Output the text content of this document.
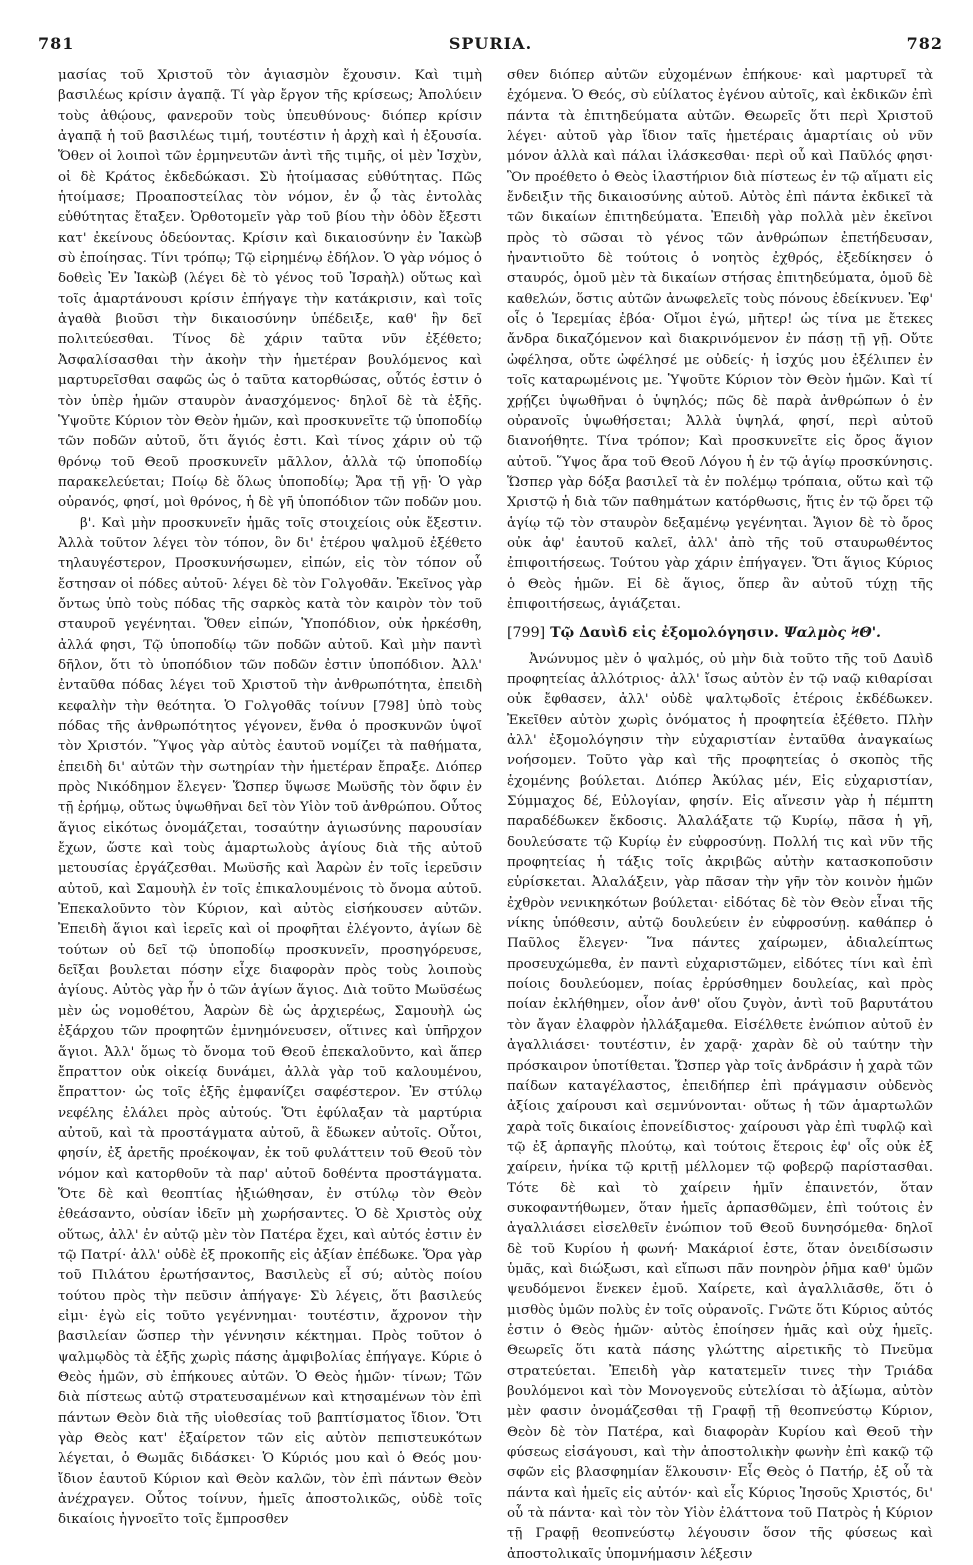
781	SPURIA.	782

μασίας τοῦ Χριστοῦ τὸν ἁγιασμὸν ἔχουσιν. Καὶ τιμὴ βασιλέως κρίσιν ἀγαπᾷ. Τί γὰρ ἔργον τῆς κρίσεως; Ἀπολύειν τοὺς ἀθῴους, φανεροῦν τοὺς ὑπευθύνους· διόπερ κρίσιν ἀγαπᾷ ἡ τοῦ βασιλέως τιμή, τουτέστιν ἡ ἀρχὴ καὶ ἡ ἐξουσία. Ὅθεν οἱ λοιποὶ τῶν ἑρμηνευτῶν ἀντὶ τῆς τιμῆς, οἱ μὲν Ἰσχὺν, οἱ δὲ Κράτος ἐκδεδώκασι. Σὺ ἡτοίμασας εὐθύτητας. Πῶς ἡτοίμασε; Προαποστείλας τὸν νόμον, ἐν ᾧ τὰς ἐντολὰς εὐθύτητας ἔταξεν. Ὀρθοτομεῖν γὰρ τοῦ βίου τὴν ὁδὸν ἔξεστι κατ' ἐκείνους ὁδεύοντας. Κρίσιν καὶ δικαιοσύνην ἐν Ἰακὼβ σὺ ἐποίησας. Τίνι τρόπῳ; Τῷ εἰρημένῳ ἐδήλον. Ὁ γὰρ νόμος ὁ δοθεὶς Ἐν Ἰακὼβ (λέγει δὲ τὸ γένος τοῦ Ἰσραὴλ) οὕτως καὶ τοῖς ἁμαρτάνουσι κρίσιν ἐπήγαγε τὴν κατάκρισιν, καὶ τοῖς ἀγαθὰ βιοῦσι τὴν δικαιοσύνην ὑπέδειξε, καθ' ἣν δεῖ πολιτεύεσθαι. Τίνος δὲ χάριν ταῦτα νῦν ἐξέθετο; Ἀσφαλίσασθαι τὴν ἀκοὴν τὴν ἡμετέραν βουλόμενος καὶ μαρτυρεῖσθαι σαφῶς ὡς ὁ ταῦτα κατορθώσας, οὗτός ἐστιν ὁ τὸν ὑπὲρ ἡμῶν σταυρὸν ἀνασχόμενος· δηλοῖ δὲ τὰ ἑξῆς. Ὑψοῦτε Κύριον τὸν Θεὸν ἡμῶν, καὶ προσκυνεῖτε τῷ ὑποποδίῳ τῶν ποδῶν αὐτοῦ, ὅτι ἅγιός ἐστι. Καὶ τίνος χάριν οὐ τῷ θρόνῳ τοῦ Θεοῦ προσκυνεῖν μᾶλλον, ἀλλὰ τῷ ὑποποδίῳ παρακελεύεται; Ποίῳ δὲ ὅλως ὑποποδίῳ; Ἄρα τῇ γῇ· Ὁ γὰρ οὐρανός, φησί, μοὶ θρόνος, ἡ δὲ γῆ ὑποπόδιον τῶν ποδῶν μου.

β'. Καὶ μὴν προσκυνεῖν ἡμᾶς τοῖς στοιχείοις οὐκ ἔξεστιν. Ἀλλὰ τοῦτον λέγει τὸν τόπον, ὃν δι' ἑτέρου ψαλμοῦ ἐξέθετο τηλαυγέστερον, Προσκυνήσωμεν, εἰπών, εἰς τὸν τόπον οὗ ἔστησαν οἱ πόδες αὐτοῦ· λέγει δὲ τὸν Γολγοθᾶν. Ἐκεῖνος γὰρ ὄντως ὑπὸ τοὺς πόδας τῆς σαρκὸς κατὰ τὸν καιρὸν τὸν τοῦ σταυροῦ γεγένηται. Ὅθεν εἰπών, Ὑποπόδιον, οὐκ ἠρκέσθη, ἀλλά φησι, Τῷ ὑποποδίῳ τῶν ποδῶν αὐτοῦ. Καὶ μὴν παντὶ δῆλον, ὅτι τὸ ὑποπόδιον τῶν ποδῶν ἐστιν ὑποπόδιον. Ἀλλ' ἐνταῦθα πόδας λέγει τοῦ Χριστοῦ τὴν ἀνθρωπότητα, ἐπειδὴ κεφαλὴν τὴν θεότητα. Ὁ Γολγοθᾶς τοίνυν [798] ὑπὸ τοὺς πόδας τῆς ἀνθρωπότητος γέγονεν, ἔνθα ὁ προσκυνῶν ὑψοῖ τὸν Χριστόν. Ὕψος γὰρ αὐτὸς ἑαυτοῦ νομίζει τὰ παθήματα, ἐπειδὴ δι' αὐτῶν τὴν σωτηρίαν τὴν ἡμετέραν ἔπραξε. Διόπερ πρὸς Νικόδημον ἔλεγεν· Ὥσπερ ὕψωσε Μωϋσῆς τὸν ὄφιν ἐν τῇ ἐρήμῳ, οὕτως ὑψωθῆναι δεῖ τὸν Υἱὸν τοῦ ἀνθρώπου. Οὗτος ἅγιος εἰκότως ὀνομάζεται, τοσαύτην ἁγιωσύνης παρουσίαν ἔχων, ὥστε καὶ τοὺς ἁμαρτωλοὺς ἁγίους διὰ τῆς αὐτοῦ μετουσίας ἐργάζεσθαι. Μωϋσῆς καὶ Ἀαρὼν ἐν τοῖς ἱερεῦσιν αὐτοῦ, καὶ Σαμουὴλ ἐν τοῖς ἐπικαλουμένοις τὸ ὄνομα αὐτοῦ. Ἐπεκαλοῦντο τὸν Κύριον, καὶ αὐτὸς εἰσήκουσεν αὐτῶν. Ἐπειδὴ ἅγιοι καὶ ἱερεῖς καὶ οἱ προφῆται ἐλέγοντο, ἁγίων δὲ τούτων οὐ δεῖ τῷ ὑποποδίῳ προσκυνεῖν, προσηγόρευσε, δεῖξαι βουλεται πόσην εἶχε διαφορὰν πρὸς τοὺς λοιποὺς ἁγίους. Αὐτὸς γὰρ ἦν ὁ τῶν ἁγίων ἅγιος. Διὰ τοῦτο Μωϋσέως μὲν ὡς νομοθέτου, Ἀαρὼν δὲ ὡς ἀρχιερέως, Σαμουὴλ ὡς ἐξάρχου τῶν προφητῶν ἐμνημόνευσεν, οἵτινες καὶ ὑπῆρχον ἅγιοι. Ἀλλ' ὅμως τὸ ὄνομα τοῦ Θεοῦ ἐπεκαλοῦντο, καὶ ἅπερ ἔπραττον οὐκ οἰκείᾳ δυνάμει, ἀλλὰ γὰρ τοῦ καλουμένου, ἔπραττον· ὡς τοῖς ἑξῆς ἐμφανίζει σαφέστερον. Ἐν στύλῳ νεφέλης ἐλάλει πρὸς αὐτούς. Ὅτι ἐφύλαξαν τὰ μαρτύρια αὐτοῦ, καὶ τὰ προστάγματα αὐτοῦ, ἃ ἔδωκεν αὐτοῖς. Οὗτοι, φησίν, ἐξ ἀρετῆς προέκοψαν, ἐκ τοῦ φυλάττειν τοῦ Θεοῦ τὸν νόμον καὶ κατορθοῦν τὰ παρ' αὐτοῦ δοθέντα προστάγματα. Ὅτε δὲ καὶ θεοπτίας ἠξιώθησαν, ἐν στύλῳ τὸν Θεὸν ἐθεάσαντο, οὐσίαν ἰδεῖν μὴ χωρήσαντες. Ὁ δὲ Χριστὸς οὐχ οὕτως, ἀλλ' ἐν αὐτῷ μὲν τὸν Πατέρα ἔχει, καὶ αὐτός ἐστιν ἐν τῷ Πατρί· ἀλλ' οὐδὲ ἐξ προκοπῆς εἰς ἀξίαν ἐπέδωκε. Ὅρα γὰρ τοῦ Πιλάτου ἐρωτήσαντος, Βασιλεὺς εἶ σύ; αὐτὸς ποίου τούτου πρὸς τὴν πεῦσιν ἀπήγαγε· Σὺ λέγεις, ὅτι βασιλεύς εἰμι· ἐγὼ εἰς τοῦτο γεγέννημαι· τουτέστιν, ἄχρονον τὴν βασιλείαν ὥσπερ τὴν γέννησιν κέκτημαι. Πρὸς τοῦτον ὁ ψαλμῳδὸς τὰ ἑξῆς χωρὶς πάσης ἀμφιβολίας ἐπήγαγε. Κύριε ὁ Θεὸς ἡμῶν, σὺ ἐπήκουες αὐτῶν. Ὁ Θεὸς ἡμῶν· τίνων; Τῶν διὰ πίστεως αὐτῷ στρατευσαμένων καὶ κτησαμένων τὸν ἐπὶ πάντων Θεὸν διὰ τῆς υἱοθεσίας τοῦ βαπτίσματος ἴδιον. Ὅτι γὰρ Θεὸς κατ' ἐξαίρετον τῶν εἰς αὐτὸν πεπιστευκότων λέγεται, ὁ Θωμᾶς διδάσκει· Ὁ Κύριός μου καὶ ὁ Θεός μου· ἴδιον ἑαυτοῦ Κύριον καὶ Θεὸν καλῶν, τὸν ἐπὶ πάντων Θεὸν ἀνέχραγεν. Οὗτος τοίνυν, ἡμεῖς ἀποστολικῶς, οὐδὲ τοῖς δικαίοις ἠγνοεῖτο τοῖς ἔμπροσθεν

σθεν διόπερ αὐτῶν εὐχομένων ἐπήκουε· καὶ μαρτυρεῖ τὰ ἑχόμενα. Ὁ Θεός, σὺ εὐίλατος ἐγένου αὐτοῖς, καὶ ἐκδικῶν ἐπὶ πάντα τὰ ἐπιτηδεύματα αὐτῶν. Θεωρεῖς ὅτι περὶ Χριστοῦ λέγει· αὐτοῦ γὰρ ἴδιον ταῖς ἡμετέραις ἁμαρτίαις οὐ νῦν μόνον ἀλλὰ καὶ πάλαι ἱλάσκεσθαι· περὶ οὗ καὶ Παῦλός φησι· Ὃν προέθετο ὁ Θεὸς ἱλαστήριον διὰ πίστεως ἐν τῷ αἵματι εἰς ἔνδειξιν τῆς δικαιοσύνης αὐτοῦ. Αὐτὸς ἐπὶ πάντα ἐκδικεῖ τὰ τῶν δικαίων ἐπιτηδεύματα. Ἐπειδὴ γὰρ πολλὰ μὲν ἐκεῖνοι πρὸς τὸ σῶσαι τὸ γένος τῶν ἀνθρώπων ἐπετήδευσαν, ἠναντιοῦτο δὲ τούτοις ὁ νοητὸς ἐχθρός, ἐξεδίκησεν ὁ σταυρός, ὁμοῦ μὲν τὰ δικαίων στήσας ἐπιτηδεύματα, ὁμοῦ δὲ καθελών, ὅστις αὐτῶν ἀνωφελεῖς τοὺς πόνους ἐδείκνυεν. Ἐφ' οἷς ὁ Ἱερεμίας ἐβόα· Οἴμοι ἐγώ, μῆτερ! ὡς τίνα με ἔτεκες ἄνδρα δικαζόμενον καὶ διακρινόμενον ἐν πάσῃ τῇ γῇ. Οὔτε ὠφέλησα, οὔτε ὠφέλησέ με οὐδείς· ἡ ἰσχύς μου ἐξέλιπεν ἐν τοῖς καταρωμένοις με. Ὑψοῦτε Κύριον τὸν Θεὸν ἡμῶν. Καὶ τί χρῄζει ὑψωθῆναι ὁ ὑψηλός; πῶς δὲ παρὰ ἀνθρώπων ὁ ἐν οὐρανοῖς ὑψωθήσεται; Ἀλλὰ ὑψηλά, φησί, περὶ αὐτοῦ διανοήθητε. Τίνα τρόπον; Καὶ προσκυνεῖτε εἰς ὄρος ἅγιον αὐτοῦ. Ὕψος ἄρα τοῦ Θεοῦ Λόγου ἡ ἐν τῷ ἁγίῳ προσκύνησις. Ὥσπερ γὰρ δόξα βασιλεῖ τὰ ἐν πολέμῳ τρόπαια, οὕτω καὶ τῷ Χριστῷ ἡ διὰ τῶν παθημάτων κατόρθωσις, ἥτις ἐν τῷ ὄρει τῷ ἁγίῳ τῷ τὸν σταυρὸν δεξαμένῳ γεγένηται. Ἅγιον δὲ τὸ ὄρος οὐκ ἀφ' ἑαυτοῦ καλεῖ, ἀλλ' ἀπὸ τῆς τοῦ σταυρωθέντος ἐπιφοιτήσεως. Τούτου γὰρ χάριν ἐπήγαγεν. Ὅτι ἅγιος Κύριος ὁ Θεὸς ἡμῶν. Εἰ δὲ ἅγιος, ὅπερ ἂν αὐτοῦ τύχῃ τῆς ἐπιφοιτήσεως, ἁγιάζεται.

[799] Τῷ Δαυὶδ εἰς ἐξομολόγησιν. Ψαλμὸς ϞΘ'.

Ἀνώνυμος μὲν ὁ ψαλμός, οὐ μὴν διὰ τοῦτο τῆς τοῦ Δαυὶδ προφητείας ἀλλότριος· ἀλλ' ἴσως αὐτὸν ἐν τῷ ναῷ κιθαρίσαι οὐκ ἔφθασεν, ἀλλ' οὐδὲ ψαλτῳδοῖς ἑτέροις ἐκδέδωκεν. Ἐκεῖθεν αὐτὸν χωρὶς ὀνόματος ἡ προφητεία ἐξέθετο. Πλὴν ἀλλ' ἐξομολόγησιν τὴν εὐχαριστίαν ἐνταῦθα ἀναγκαίως νοήσομεν. Τοῦτο γὰρ καὶ τῆς προφητείας ὁ σκοπὸς τῆς ἑχομένης βούλεται. Διόπερ Ἀκύλας μέν, Εἰς εὐχαριστίαν, Σύμμαχος δέ, Εὐλογίαν, φησίν. Εἰς αἴνεσιν γὰρ ἡ πέμπτη παραδέδωκεν ἔκδοσις. Ἀλαλάξατε τῷ Κυρίῳ, πᾶσα ἡ γῆ, δουλεύσατε τῷ Κυρίῳ ἐν εὐφροσύνῃ. Πολλή τις καὶ νῦν τῆς προφητείας ἡ τάξις τοῖς ἀκριβῶς αὐτὴν κατασκοποῦσιν εὑρίσκεται. Ἀλαλάξειν, γὰρ πᾶσαν τὴν γῆν τὸν κοινὸν ἡμῶν ἐχθρὸν νενικηκότων βούλεται· εἰδότας δὲ τὸν Θεὸν εἶναι τῆς νίκης ὑπόθεσιν, αὐτῷ δουλεύειν ἐν εὐφροσύνῃ. καθάπερ ὁ Παῦλος ἔλεγεν· Ἵνα πάντες χαίρωμεν, ἀδιαλείπτως προσευχώμεθα, ἐν παντὶ εὐχαριστῶμεν, εἰδότες τίνι καὶ ἐπὶ ποίοις δουλεύομεν, ποίας ἐρρύσθημεν δουλείας, καὶ πρὸς ποίαν ἐκλήθημεν, οἷον ἀνθ' οἵου ζυγὸν, ἀντὶ τοῦ βαρυτάτου τὸν ἄγαν ἐλαφρὸν ἠλλάξαμεθα. Εἰσέλθετε ἐνώπιον αὐτοῦ ἐν ἀγαλλιάσει· τουτέστιν, ἐν χαρᾷ· χαρὰν δὲ οὐ ταύτην τὴν πρόσκαιρον ὑποτίθεται. Ὥσπερ γὰρ τοῖς ἀνδράσιν ἡ χαρὰ τῶν παίδων καταγέλαστος, ἐπειδήπερ ἐπὶ πράγμασιν οὐδενὸς ἀξίοις χαίρουσι καὶ σεμνύνονται· οὕτως ἡ τῶν ἁμαρτωλῶν χαρὰ τοῖς δικαίοις ἐπονείδιστος· χαίρουσι γὰρ ἐπὶ τυφλῷ καὶ τῷ ἐξ ἁρπαγῆς πλούτῳ, καὶ τούτοις ἕτεροις ἐφ' οἷς οὐκ ἐξ χαίρειν, ἡνίκα τῷ κριτῇ μέλλομεν τῷ φοβερῷ παρίστασθαι. Τότε δὲ καὶ τὸ χαίρειν ἡμῖν ἐπαινετόν, ὅταν συκοφαντήθωμεν, ὅταν ἡμεῖς ἁρπασθῶμεν, ἐπὶ τούτοις ἐν ἀγαλλιάσει εἰσελθεῖν ἐνώπιον τοῦ Θεοῦ δυνησόμεθα· δηλοῖ δὲ τοῦ Κυρίου ἡ φωνή· Μακάριοί ἐστε, ὅταν ὀνειδίσωσιν ὑμᾶς, καὶ διώξωσι, καὶ εἴπωσι πᾶν πονηρὸν ῥῆμα καθ' ὑμῶν ψευδόμενοι ἕνεκεν ἐμοῦ. Χαίρετε, καὶ ἀγαλλιᾶσθε, ὅτι ὁ μισθὸς ὑμῶν πολὺς ἐν τοῖς οὐρανοῖς. Γνῶτε ὅτι Κύριος αὐτός ἐστιν ὁ Θεὸς ἡμῶν· αὐτὸς ἐποίησεν ἡμᾶς καὶ οὐχ ἡμεῖς. Θεωρεῖς ὅτι κατὰ πάσης γλώττης αἱρετικῆς τὸ Πνεῦμα στρατεύεται. Ἐπειδὴ γὰρ κατατεμεῖν τινες τὴν Τριάδα βουλόμενοι καὶ τὸν Μονογενοῦς εὐτελίσαι τὸ ἀξίωμα, αὐτὸν μὲν φασιν ὀνομάζεσθαι τῇ Γραφῇ τῇ θεοπνεύστῳ Κύριον, Θεὸν δὲ τὸν Πατέρα, καὶ διαφορὰν Κυρίου καὶ Θεοῦ τὴν φύσεως εἰσάγουσι, καὶ τὴν ἀποστολικὴν φωνὴν ἐπὶ κακῷ τῷ σφῶν εἰς βλασφημίαν ἕλκουσιν· Εἷς Θεὸς ὁ Πατήρ, ἐξ οὗ τὰ πάντα καὶ ἡμεῖς εἰς αὐτόν· καὶ εἷς Κύριος Ἰησοῦς Χριστός, δι' οὗ τὰ πάντα· καὶ τὸν τὸν Υἱὸν ἐλάττονα τοῦ Πατρὸς ἡ Κύριον τῇ Γραφῇ θεοπνεύστῳ λέγουσιν ὅσον τῆς φύσεως καὶ ἀποστολικαῖς ὑπομνήμασιν λέξεσιν
